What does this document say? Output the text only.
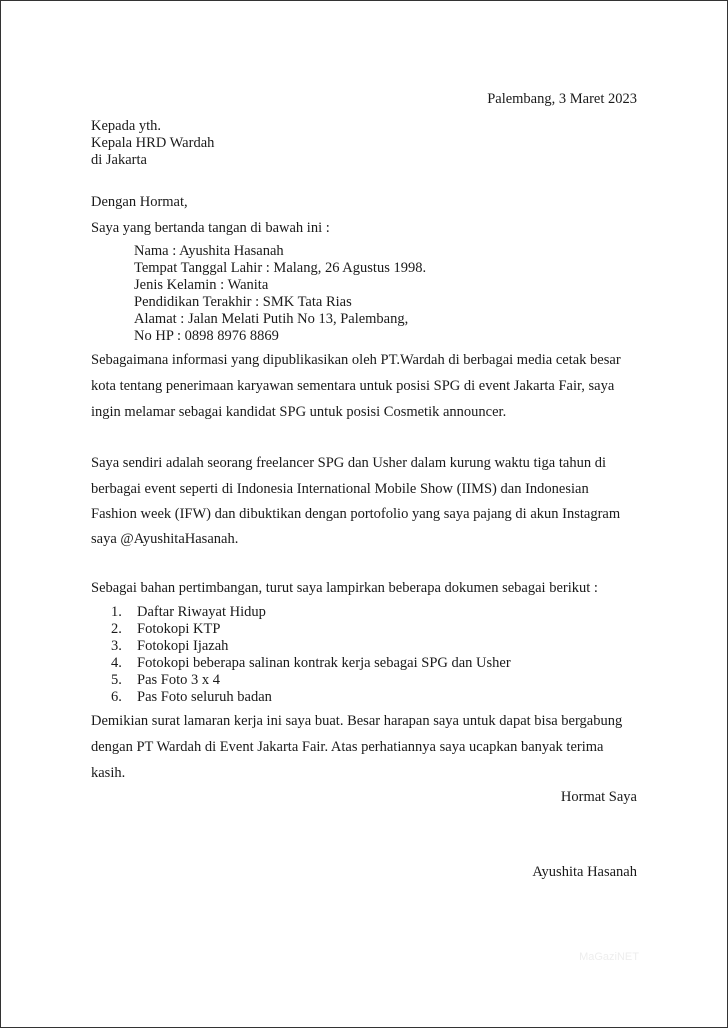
Palembang, 3 Maret 2023
Kepada yth.
Kepala HRD Wardah
di Jakarta
Dengan Hormat,
Saya yang bertanda tangan di bawah ini :
Nama : Ayushita Hasanah
Tempat Tanggal Lahir : Malang, 26 Agustus 1998.
Jenis Kelamin : Wanita
Pendidikan Terakhir : SMK Tata Rias
Alamat : Jalan Melati Putih No 13, Palembang,
No HP : 0898 8976 8869
Sebagaimana informasi yang dipublikasikan oleh PT.Wardah di berbagai media cetak besar
kota tentang penerimaan karyawan sementara untuk posisi SPG di event Jakarta Fair, saya
ingin melamar sebagai kandidat SPG untuk posisi Cosmetik announcer.
Saya sendiri adalah seorang freelancer SPG dan Usher dalam kurung waktu tiga tahun di
berbagai event seperti di Indonesia International Mobile Show (IIMS) dan Indonesian
Fashion week (IFW) dan dibuktikan dengan portofolio yang saya pajang di akun Instagram
saya @AyushitaHasanah.
Sebagai bahan pertimbangan, turut saya lampirkan beberapa dokumen sebagai berikut :
1.	Daftar Riwayat Hidup
2.	Fotokopi KTP
3.	Fotokopi Ijazah
4.	Fotokopi beberapa salinan kontrak kerja sebagai SPG dan Usher
5.	Pas Foto 3 x 4
6.	Pas Foto seluruh badan
Demikian surat lamaran kerja ini saya buat. Besar harapan saya untuk dapat bisa bergabung
dengan PT Wardah di Event Jakarta Fair. Atas perhatiannya saya ucapkan banyak terima
kasih.
Hormat Saya
Ayushita Hasanah
MaGaziNET
